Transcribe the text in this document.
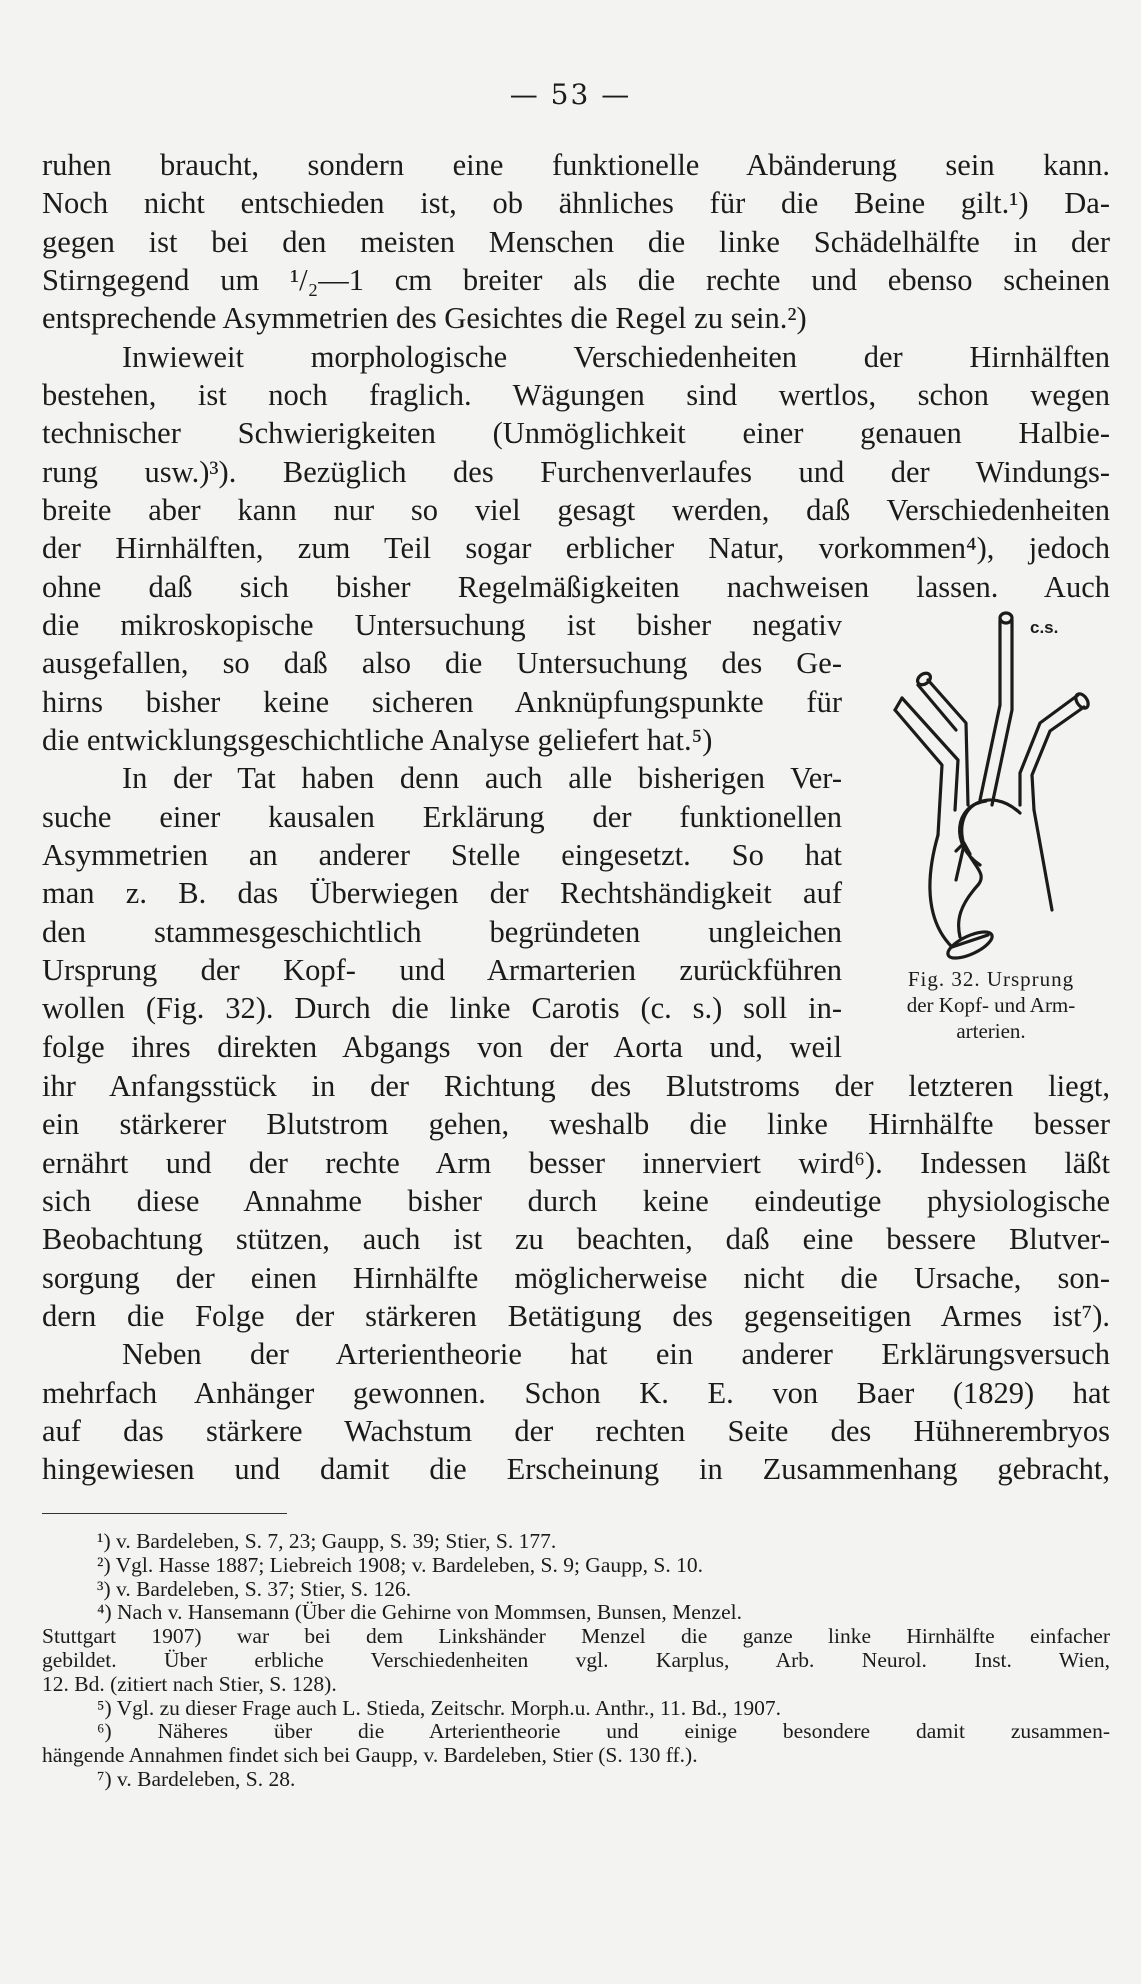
— 53 —
ruhen braucht, sondern eine funktionelle Abänderung sein kann.
Noch nicht entschieden ist, ob ähnliches für die Beine gilt.¹) Da-
gegen ist bei den meisten Menschen die linke Schädelhälfte in der
Stirngegend um ¹/₂—1 cm breiter als die rechte und ebenso scheinen
entsprechende Asymmetrien des Gesichtes die Regel zu sein.²)
Inwieweit morphologische Verschiedenheiten der Hirnhälften
bestehen, ist noch fraglich. Wägungen sind wertlos, schon wegen
technischer Schwierigkeiten (Unmöglichkeit einer genauen Halbie-
rung usw.)³). Bezüglich des Furchenverlaufes und der Windungs-
breite aber kann nur so viel gesagt werden, daß Verschiedenheiten
der Hirnhälften, zum Teil sogar erblicher Natur, vorkommen⁴), jedoch
ohne daß sich bisher Regelmäßigkeiten nachweisen lassen. Auch
die mikroskopische Untersuchung ist bisher negativ
ausgefallen, so daß also die Untersuchung des Ge-
hirns bisher keine sicheren Anknüpfungspunkte für
die entwicklungsgeschichtliche Analyse geliefert hat.⁵)
In der Tat haben denn auch alle bisherigen Ver-
suche einer kausalen Erklärung der funktionellen
Asymmetrien an anderer Stelle eingesetzt. So hat
man z. B. das Überwiegen der Rechtshändigkeit auf
den stammesgeschichtlich begründeten ungleichen
Ursprung der Kopf- und Armarterien zurückführen
wollen (Fig. 32). Durch die linke Carotis (c. s.) soll in-
folge ihres direkten Abgangs von der Aorta und, weil
c.s.
Fig. 32. Ursprung
der Kopf- und Arm-
arterien.
ihr Anfangsstück in der Richtung des Blutstroms der letzteren liegt,
ein stärkerer Blutstrom gehen, weshalb die linke Hirnhälfte besser
ernährt und der rechte Arm besser innerviert wird⁶). Indessen läßt
sich diese Annahme bisher durch keine eindeutige physiologische
Beobachtung stützen, auch ist zu beachten, daß eine bessere Blutver-
sorgung der einen Hirnhälfte möglicherweise nicht die Ursache, son-
dern die Folge der stärkeren Betätigung des gegenseitigen Armes ist⁷).
Neben der Arterientheorie hat ein anderer Erklärungsversuch
mehrfach Anhänger gewonnen. Schon K. E. von Baer (1829) hat
auf das stärkere Wachstum der rechten Seite des Hühnerembryos
hingewiesen und damit die Erscheinung in Zusammenhang gebracht,
¹) v. Bardeleben, S. 7, 23; Gaupp, S. 39; Stier, S. 177.
²) Vgl. Hasse 1887; Liebreich 1908; v. Bardeleben, S. 9; Gaupp, S. 10.
³) v. Bardeleben, S. 37; Stier, S. 126.
⁴) Nach v. Hansemann (Über die Gehirne von Mommsen, Bunsen, Menzel.
Stuttgart 1907) war bei dem Linkshänder Menzel die ganze linke Hirnhälfte einfacher
gebildet. Über erbliche Verschiedenheiten vgl. Karplus, Arb. Neurol. Inst. Wien,
12. Bd. (zitiert nach Stier, S. 128).
⁵) Vgl. zu dieser Frage auch L. Stieda, Zeitschr. Morph.u. Anthr., 11. Bd., 1907.
⁶) Näheres über die Arterientheorie und einige besondere damit zusammen-
hängende Annahmen findet sich bei Gaupp, v. Bardeleben, Stier (S. 130 ff.).
⁷) v. Bardeleben, S. 28.
